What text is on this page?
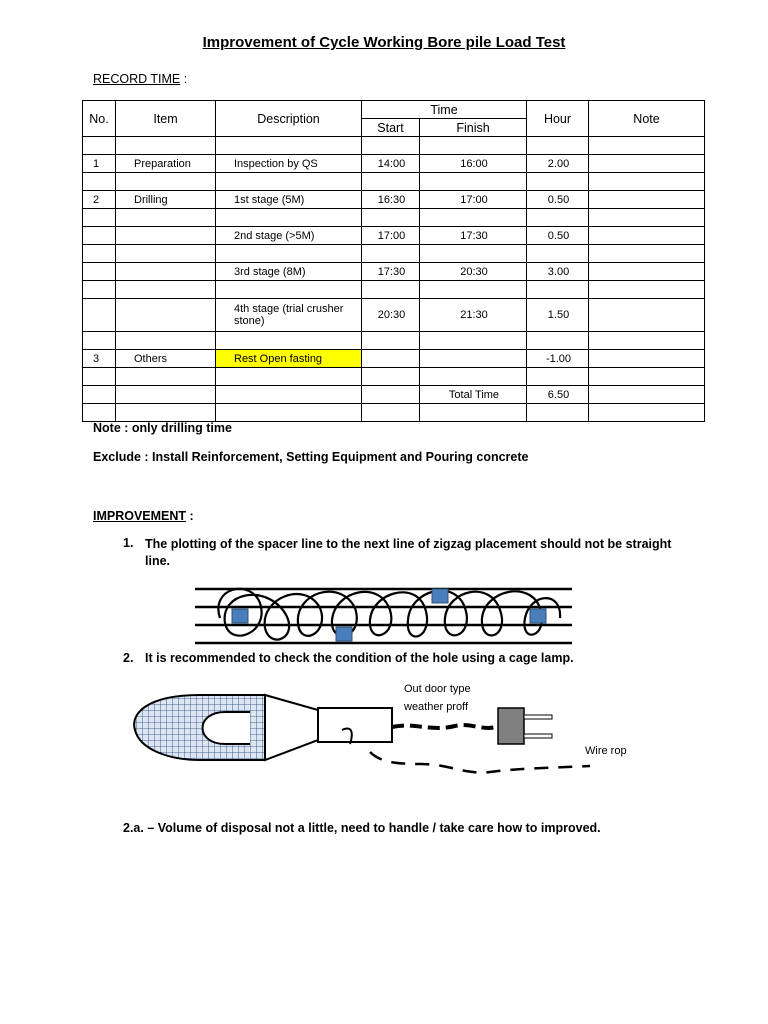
Improvement of Cycle Working Bore pile Load Test
RECORD TIME :
No.	Item	Description	Time		Hour	Note
			Start	Finish		

1	Preparation	Inspection by QS	14:00	16:00	2.00	

2	Drilling	1st stage (5M)	16:30	17:00	0.50	

		2nd stage (>5M)	17:00	17:30	0.50	

		3rd stage (8M)	17:30	20:30	3.00	

		4th stage (trial crusher stone)	20:30	21:30	1.50	

3	Others	Rest Open fasting			-1.00	

				Total Time	6.50	

Note : only drilling time
Exclude : Install Reinforcement, Setting Equipment and Pouring concrete
IMPROVEMENT :
1. The plotting of the spacer line to the next line of zigzag placement should not be straight line.
2. It is recommended to check the condition of the hole using a cage lamp.
Out door type
weather proff
Wire rop
2.a. – Volume of disposal not a little, need to handle / take care how to improved.
